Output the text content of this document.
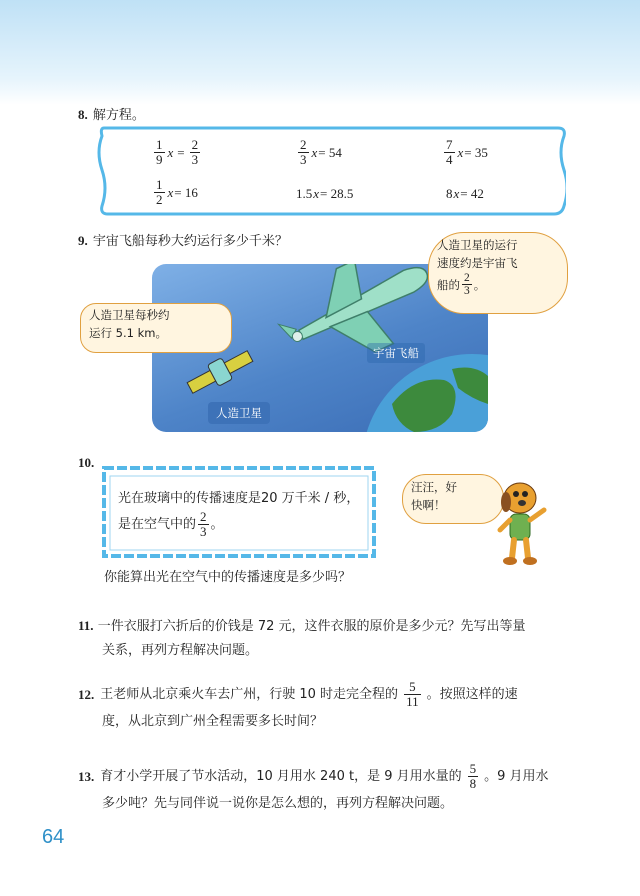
8. 解方程。
$\frac{1}{9}$ $x = \frac{2}{3}$	$\frac{2}{3}$ x = 54	$\frac{7}{4}$ x = 35
$\frac{1}{2}$ x = 16	1.5 x = 28.5	8 x = 42
9. 宇宙飞船每秒大约运行多少千米？
宇宙飞船
人造卫星
人造卫星每秒约
运行 5.1 km。
人造卫星的运行
速度约是宇宙飞
船的 $\frac{2}{3}$ 。
10.
光在玻璃中的传播速度是20 万千米 / 秒，
是在空气中的 $\frac{2}{3}$ 。
汪汪，好
快啊！
你能算出光在空气中的传播速度是多少吗？
11. 一件衣服打六折后的价钱是 72 元，这件衣服的原价是多少元？先写出等量
关系，再列方程解决问题。
12. 王老师从北京乘火车去广州，行驶 10 时走完全程的 $\frac{5}{11}$ 。按照这样的速
度，从北京到广州全程需要多长时间？
13. 育才小学开展了节水活动，10 月用水 240 t，是 9 月用水量的 $\frac{5}{8}$ 。9 月用水
多少吨？先与同伴说一说你是怎么想的，再列方程解决问题。
64
